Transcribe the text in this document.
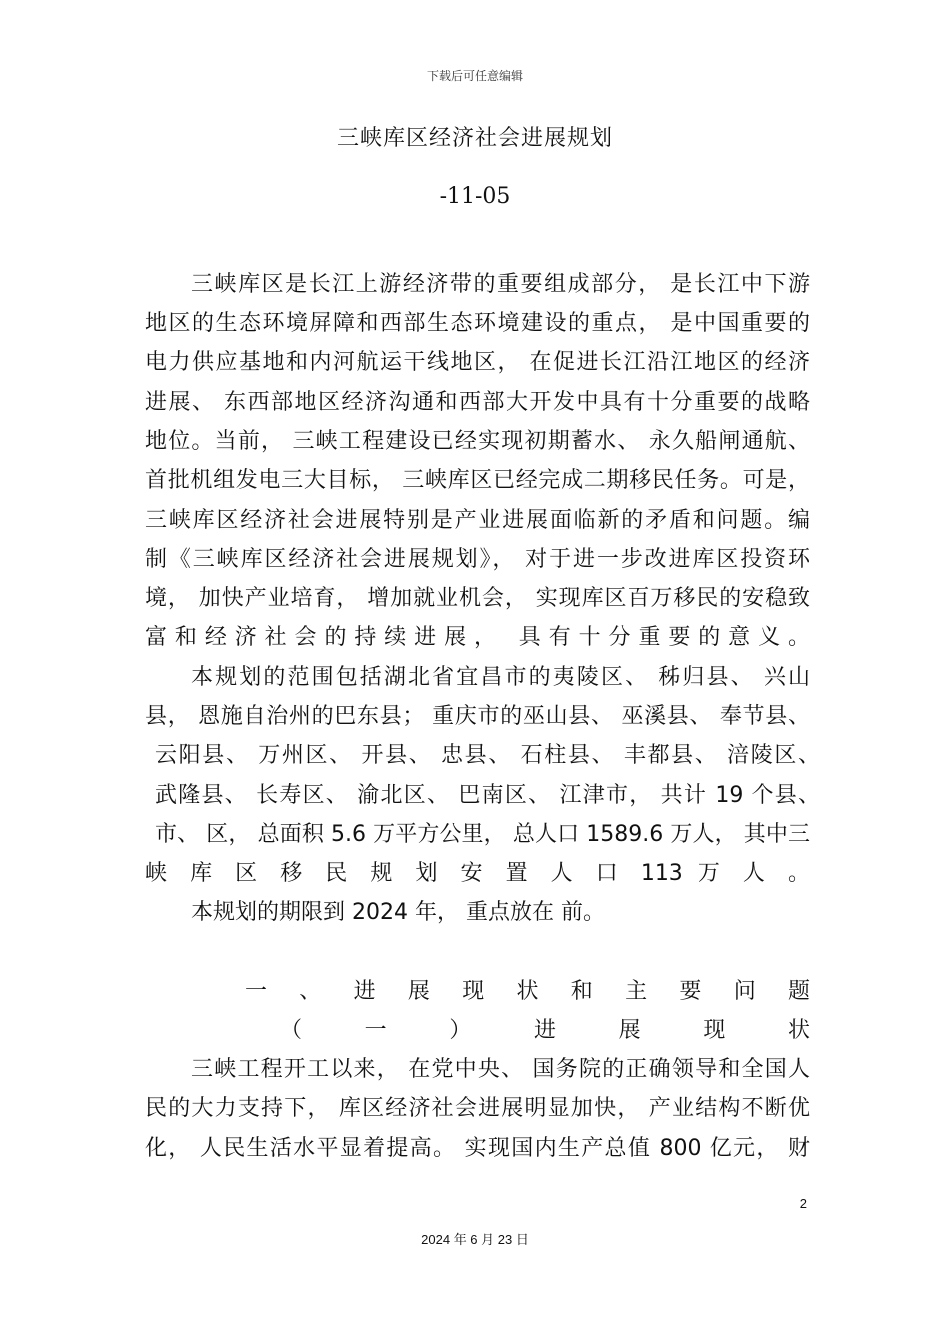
下载后可任意编辑
三峡库区经济社会进展规划
-11-05
三峡库区是长江上游经济带的重要组成部分， 是长江中下游
地区的生态环境屏障和西部生态环境建设的重点， 是中国重要的
电力供应基地和内河航运干线地区， 在促进长江沿江地区的经济
进展、 东西部地区经济沟通和西部大开发中具有十分重要的战略
地位。当前， 三峡工程建设已经实现初期蓄水、 永久船闸通航、
首批机组发电三大目标， 三峡库区已经完成二期移民任务。可是，
三峡库区经济社会进展特别是产业进展面临新的矛盾和问题。编
制《三峡库区经济社会进展规划》， 对于进一步改进库区投资环
境， 加快产业培育， 增加就业机会， 实现库区百万移民的安稳致
富和经济社会的持续进展， 具有十分重要的意义。
本规划的范围包括湖北省宜昌市的夷陵区、 秭归县、 兴山
县， 恩施自治州的巴东县； 重庆市的巫山县、 巫溪县、 奉节县、
云阳县、 万州区、 开县、 忠县、 石柱县、 丰都县、 涪陵区、
武隆县、 长寿区、 渝北区、 巴南区、 江津市， 共计 19 个县、
市、 区， 总面积 5.6 万平方公里， 总人口 1589.6 万人， 其中三
峡 库 区 移 民 规 划 安 置 人 口 113 万 人 。
本规划的期限到 2024 年， 重点放在 前。
一 、 进 展 现 状 和 主 要 问 题
（ 一 ） 进 展 现 状
三峡工程开工以来， 在党中央、 国务院的正确领导和全国人
民的大力支持下， 库区经济社会进展明显加快， 产业结构不断优
化， 人民生活水平显着提高。 实现国内生产总值 800 亿元， 财
2
2024 年 6 月 23 日
